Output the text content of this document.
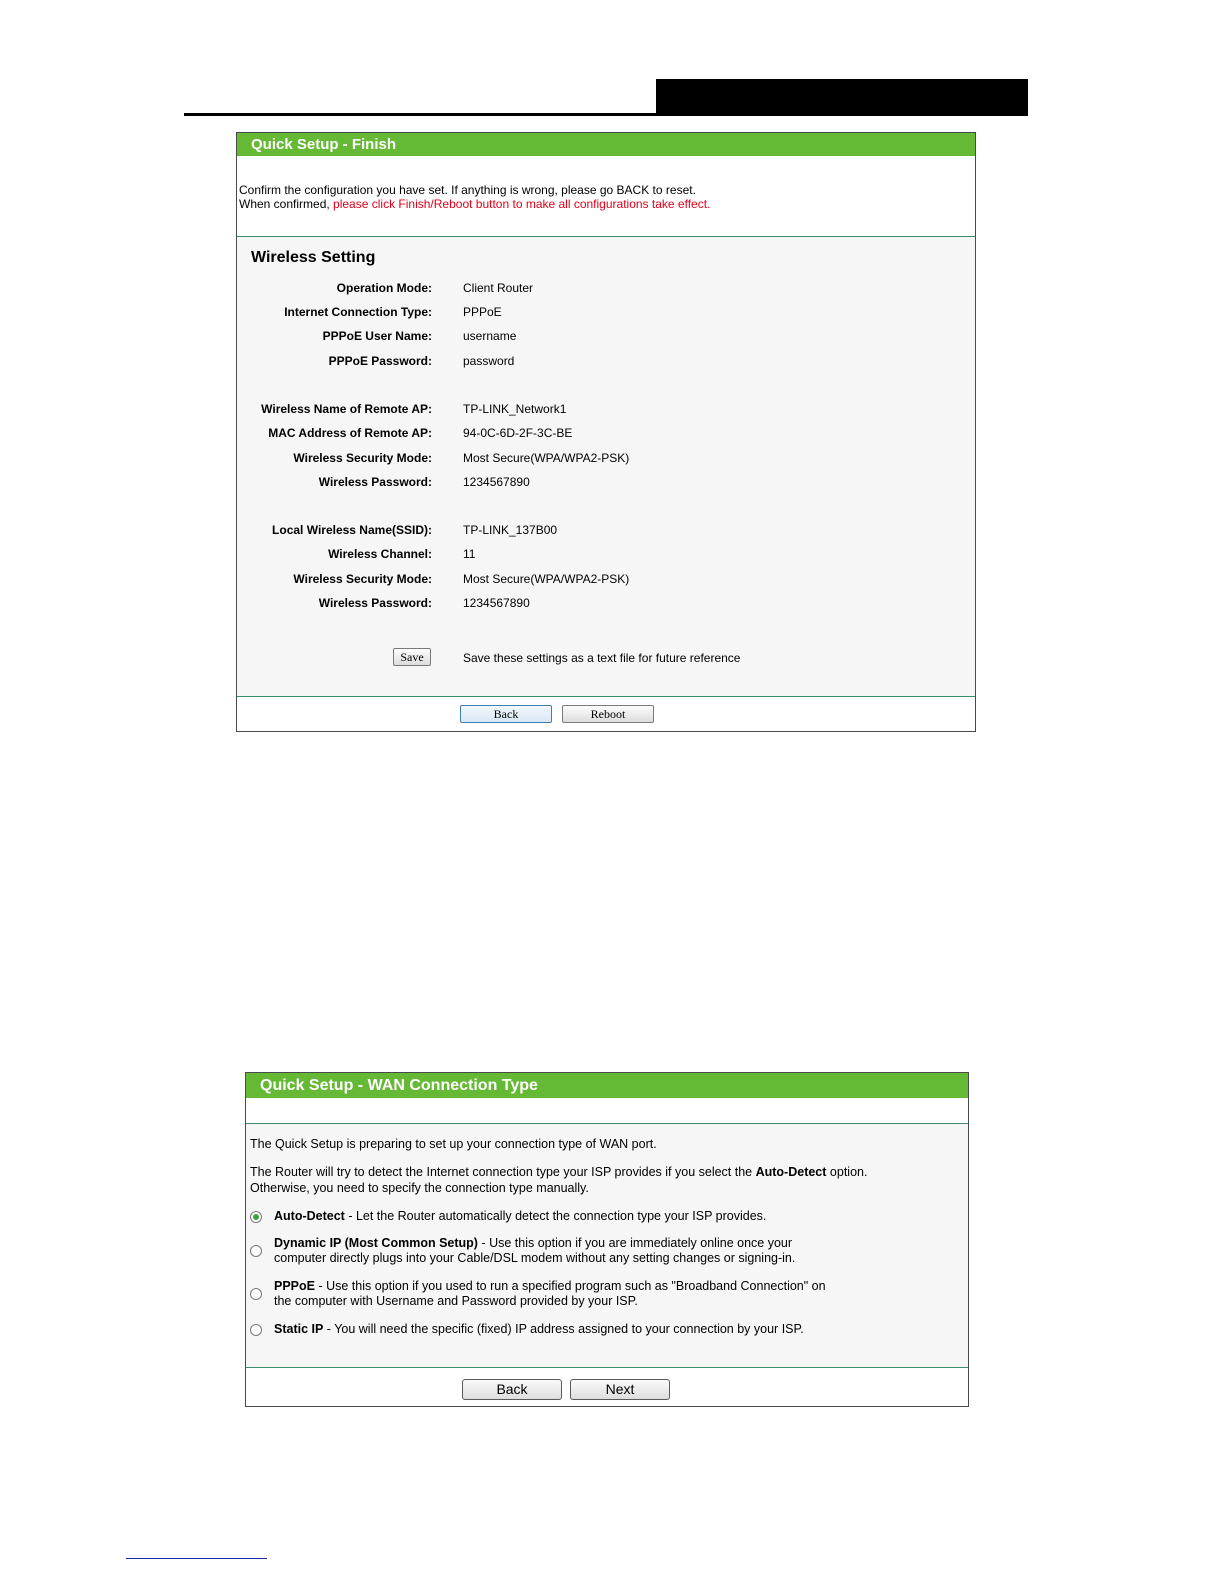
Quick Setup - Finish
Confirm the configuration you have set. If anything is wrong, please go BACK to reset.
When confirmed, please click Finish/Reboot button to make all configurations take effect.
Wireless Setting
Operation Mode:	Client Router
Internet Connection Type:	PPPoE
PPPoE User Name:	username
PPPoE Password:	password
Wireless Name of Remote AP:	TP-LINK_Network1
MAC Address of Remote AP:	94-0C-6D-2F-3C-BE
Wireless Security Mode:	Most Secure(WPA/WPA2-PSK)
Wireless Password:	1234567890
Local Wireless Name(SSID):	TP-LINK_137B00
Wireless Channel:	11
Wireless Security Mode:	Most Secure(WPA/WPA2-PSK)
Wireless Password:	1234567890
Save	Save these settings as a text file for future reference
Back	Reboot
Quick Setup - WAN Connection Type
The Quick Setup is preparing to set up your connection type of WAN port.
The Router will try to detect the Internet connection type your ISP provides if you select the Auto-Detect option.
Otherwise, you need to specify the connection type manually.
Auto-Detect - Let the Router automatically detect the connection type your ISP provides.
Dynamic IP (Most Common Setup) - Use this option if you are immediately online once your
computer directly plugs into your Cable/DSL modem without any setting changes or signing-in.
PPPoE - Use this option if you used to run a specified program such as "Broadband Connection" on
the computer with Username and Password provided by your ISP.
Static IP - You will need the specific (fixed) IP address assigned to your connection by your ISP.
Back	Next
